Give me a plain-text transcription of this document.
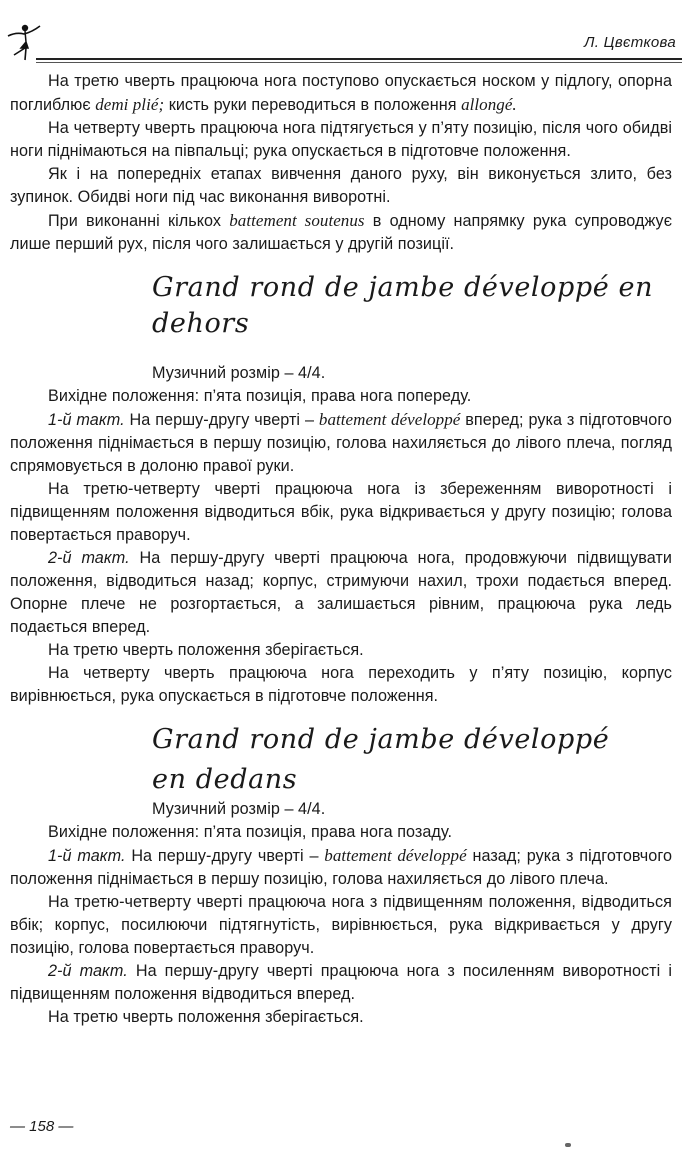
Л. Цвєткова

На третю чверть працююча нога поступово опускається носком у підлогу, опорна поглиблює demi plié; кисть руки переводиться в положення allongé.

На четверту чверть працююча нога підтягується у п’яту позицію, після чого обидві ноги піднімаються на півпальці; рука опускається в підготовче положення.

Як і на попередніх етапах вивчення даного руху, він виконується злито, без зупинок. Обидві ноги під час виконання виворотні.

При виконанні кількох battement soutenus в одному напрямку рука супроводжує лише перший рух, після чого залишається у другій позиції.

Grand rond de jambe développé en
dehors

Музичний розмір – 4/4.

Вихідне положення: п’ята позиція, права нога попереду.

1-й такт. На першу-другу чверті – battement développé вперед; рука з підготовчого положення піднімається в першу позицію, голова нахиляється до лівого плеча, погляд спрямовується в долоню правої руки.

На третю-четверту чверті працююча нога із збереженням виворотності і підвищенням положення відводиться вбік, рука відкривається у другу позицію; голова повертається праворуч.

2-й такт. На першу-другу чверті працююча нога, продовжуючи підвищувати положення, відводиться назад; корпус, стримуючи нахил, трохи подається вперед. Опорне плече не розгортається, а залишається рівним, працююча рука ледь подається вперед.

На третю чверть положення зберігається.

На четверту чверть працююча нога переходить у п’яту позицію, корпус вирівнюється, рука опускається в підготовче положення.

Grand rond de jambe développé
en dedans

Музичний розмір – 4/4.

Вихідне положення: п’ята позиція, права нога позаду.

1-й такт. На першу-другу чверті – battement développé назад; рука з підготовчого положення піднімається в першу позицію, голова нахиляється до лівого плеча.

На третю-четверту чверті працююча нога з підвищенням положення, відводиться вбік; корпус, посилюючи підтягнутість, вирівнюється, рука відкривається у другу позицію, голова повертається праворуч.

2-й такт. На першу-другу чверті працююча нога з посиленням виворотності і підвищенням положення відводиться вперед.

На третю чверть положення зберігається.

— 158 —
